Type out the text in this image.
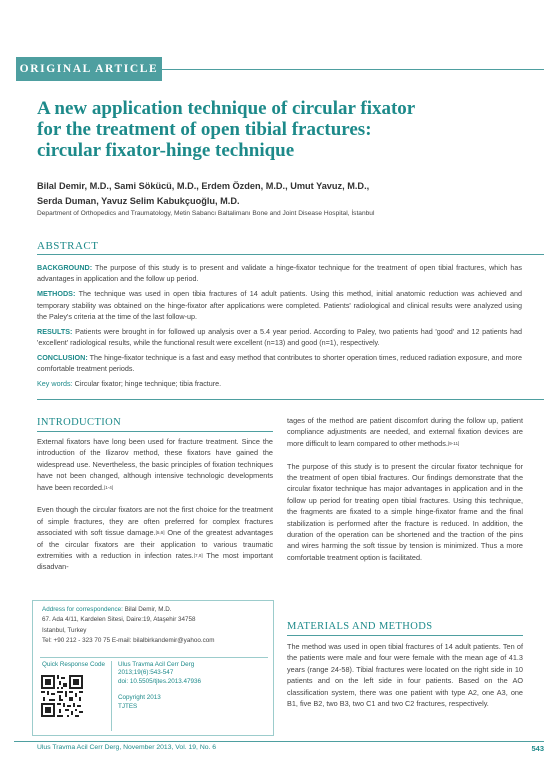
ORIGINAL ARTICLE
A new application technique of circular fixator
for the treatment of open tibial fractures:
circular fixator-hinge technique
Bilal Demir, M.D., Sami Sökücü, M.D., Erdem Özden, M.D., Umut Yavuz, M.D.,
Serda Duman, Yavuz Selim Kabukçuoğlu, M.D.
Department of Orthopedics and Traumatology, Metin Sabancı Baltalimanı Bone and Joint Disease Hospital, İstanbul
ABSTRACT

BACKGROUND: The purpose of this study is to present and validate a hinge-fixator technique for the treatment of open tibial fractures, which has advantages in application and the follow up period.

METHODS: The technique was used in open tibia fractures of 14 adult patients. Using this method, initial anatomic reduction was achieved and temporary stability was obtained on the hinge-fixator after applications were completed. Patients' radiological and clinical results were analyzed using the Paley's criteria at the time of the last follow-up.

RESULTS: Patients were brought in for followed up analysis over a 5.4 year period. According to Paley, two patients had 'good' and 12 patients had 'excellent' radiological results, while the functional result were excellent (n=13) and good (n=1), respectively.

CONCLUSION: The hinge-fixator technique is a fast and easy method that contributes to shorter operation times, reduced radiation exposure, and more comfortable treatment periods.

Key words: Circular fixator; hinge technique; tibia fracture.

INTRODUCTION

External fixators have long been used for fracture treatment. Since the introduction of the Ilizarov method, these fixators have gained the widespread use. Nevertheless, the basic principles of fixation techniques have not been changed, although intensive technologic developments have been recorded.[1-4]

Even though the circular fixators are not the first choice for the treatment of simple fractures, they are often preferred for complex fractures associated with soft tissue damage.[5,6] One of the greatest advantages of the circular fixators are their application to various traumatic extremities with a reduction in infection rates.[7,8] The most important disadvan-

tages of the method are patient discomfort during the follow up, patient compliance adjustments are needed, and external fixation devices are more difficult to learn compared to other methods.[9-11]

The purpose of this study is to present the circular fixator technique for the treatment of open tibial fractures. Our findings demonstrate that the circular fixator technique has major advantages in application and in the follow up period for treating open tibial fractures. Using this technique, the fragments are fixated to a simple hinge-fixator frame and the final stabilization is performed after the fracture is reduced. In addition, the duration of the operation can be shortened and the traction of the pins and wires harming the soft tissue by tension is minimized. Thus a more comfortable treatment option is facilitated.

MATERIALS AND METHODS

The method was used in open tibial fractures of 14 adult patients. Ten of the patients were male and four were female with the mean age of 41.3 years (range 24-58). Tibial fractures were located on the right side in 10 patients and on the left side in four patients. Based on the AO classification system, there was one patient with type A2, one A3, one B1, five B2, two B3, two C1 and two C2 fractures, respectively.

Address for correspondence: Bilal Demir, M.D.
67. Ada 4/11, Kardelen Sitesi, Daire:19, Ataşehir 34758
Istanbul, Turkey
Tel: +90 212 - 323 70 75 E-mail: bilalbirkandemir@yahoo.com
Quick Response Code Ulus Travma Acil Cerr Derg
2013;19(6):543-547
doi: 10.5505/tjtes.2013.47936
Copyright 2013
TJTES
Ulus Travma Acil Cerr Derg, November 2013, Vol. 19, No. 6	543
